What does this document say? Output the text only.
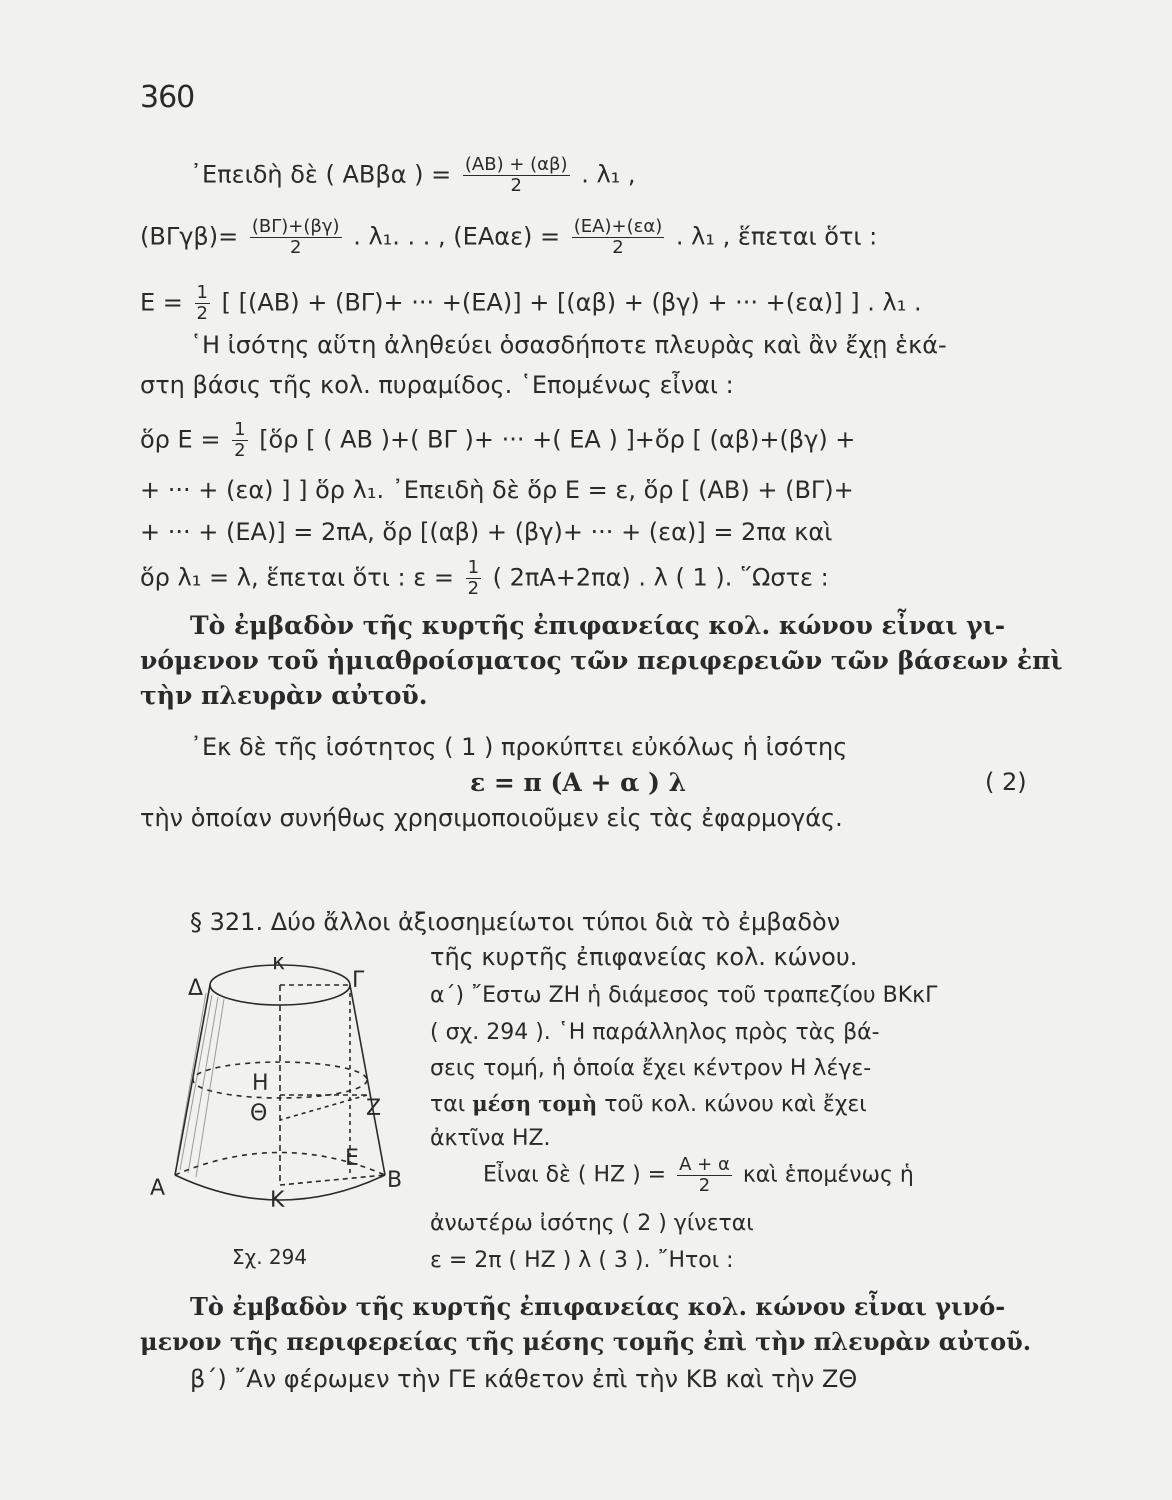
360
᾿Επειδὴ δὲ ( ΑΒβα ) = $\frac{(AB) + (\alpha\beta)}{2}$ . λ₁ ,
$(B\Gamma\gamma\beta)= \frac{(B\Gamma)+(\beta\gamma)}{2}$ . λ₁. . . , $(EA\alpha\varepsilon) = \frac{(EA)+(\varepsilon\alpha)}{2}$ . λ₁ , ἕπεται ὅτι :
$E = \frac{1}{2}$ [ [(ΑΒ) + (ΒΓ)+ ··· +(ΕΑ)] + [(αβ) + (βγ) + ··· +(εα)] ] . λ₁ .
῾Η ἰσότης αὕτη ἀληθεύει ὁσασδήποτε πλευρὰς καὶ ἂν ἔχῃ ἑκά-
στη βάσις τῆς κολ. πυραμίδος. ῾Επομένως εἶναι :
ὅρ $E = \frac{1}{2}$ [ὅρ [ ( ΑΒ )+( ΒΓ )+ ··· +( ΕΑ ) ]+ὅρ [ (αβ)+(βγ) +
+ ··· + (εα) ] ] ὅρ λ₁. ᾿Επειδὴ δὲ ὅρ Ε = ε, ὅρ [ (ΑΒ) + (ΒΓ)+
+ ··· + (ΕΑ)] = 2πΑ, ὅρ [(αβ) + (βγ)+ ··· + (εα)] = 2πα καὶ
ὅρ λ₁ = λ, ἕπεται ὅτι : $\varepsilon = \frac{1}{2}$ ( 2πΑ+2πα) . λ ( 1 ). ῞Ωστε :
Τὸ ἐμβαδὸν τῆς κυρτῆς ἐπιφανείας κολ. κώνου εἶναι γι-
νόμενον τοῦ ἡμιαθροίσματος τῶν περιφερειῶν τῶν βάσεων ἐπὶ
τὴν πλευρὰν αὐτοῦ.
᾿Εκ δὲ τῆς ἰσότητος ( 1 ) προκύπτει εὐκόλως ἡ ἰσότης
ε = π (Α + α ) λ	( 2)
τὴν ὁποίαν συνήθως χρησιμοποιοῦμεν εἰς τὰς ἐφαρμογάς.
§ 321. Δύο ἄλλοι ἀξιοσημείωτοι τύποι διὰ τὸ ἐμβαδὸν
τῆς κυρτῆς ἐπιφανείας κολ. κώνου.
α΄) ῎Εστω ΖΗ ἡ διάμεσος τοῦ τραπεζίου ΒΚκΓ
( σχ. 294 ). ῾Η παράλληλος πρὸς τὰς βά-
σεις τομή, ἡ ὁποία ἔχει κέντρον Η λέγε-
ται μέση τομὴ τοῦ κολ. κώνου καὶ ἔχει
ἀκτῖνα ΗΖ.
Εἶναι δὲ ( ΗΖ ) = $\frac{A + \alpha}{2}$ καὶ ἑπομένως ἡ
ἀνωτέρω ἰσότης ( 2 ) γίνεται
ε = 2π ( ΗΖ ) λ ( 3 ). ῎Ητοι :
Τὸ ἐμβαδὸν τῆς κυρτῆς ἐπιφανείας κολ. κώνου εἶναι γινό-
μενον τῆς περιφερείας τῆς μέσης τομῆς ἐπὶ τὴν πλευρὰν αὐτοῦ.
β΄) ῎Αν φέρωμεν τὴν ΓΕ κάθετον ἐπὶ τὴν ΚΒ καὶ τὴν ΖΘ
κ
Δ	Γ
Η
Ζ
Θ
Ε
Α	Β
Κ
Σχ. 294
